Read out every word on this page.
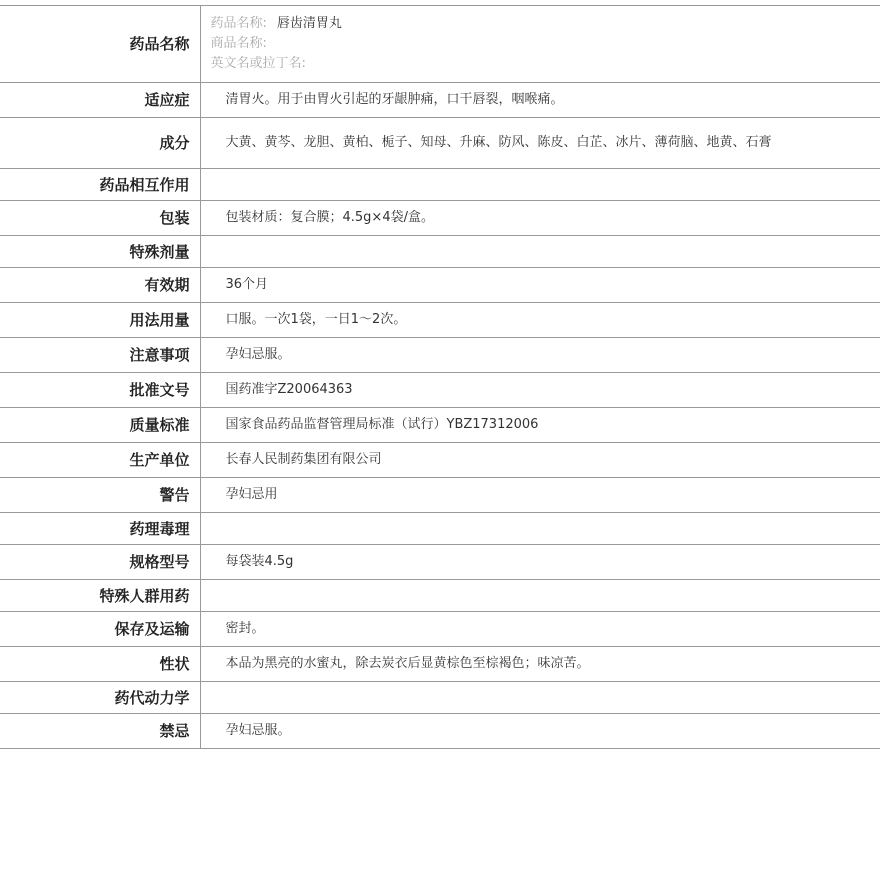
药品名称	药品名称: 唇齿清胃丸
商品名称:
英文名或拉丁名:

适应症	清胃火。用于由胃火引起的牙龈肿痛，口干唇裂，咽喉痛。

成分	大黄、黄芩、龙胆、黄柏、栀子、知母、升麻、防风、陈皮、白芷、冰片、薄荷脑、地黄、石膏

药品相互作用	

包装	包装材质：复合膜；4.5g×4袋/盒。

特殊剂量	

有效期	36个月

用法用量	口服。一次1袋，一日1～2次。

注意事项	孕妇忌服。

批准文号	国药准字Z20064363

质量标准	国家食品药品监督管理局标准（试行）YBZ17312006

生产单位	长春人民制药集团有限公司

警告	孕妇忌用

药理毒理	

规格型号	每袋装4.5g

特殊人群用药	

保存及运输	密封。

性状	本品为黑亮的水蜜丸，除去炭衣后显黄棕色至棕褐色；味凉苦。

药代动力学	

禁忌	孕妇忌服。
